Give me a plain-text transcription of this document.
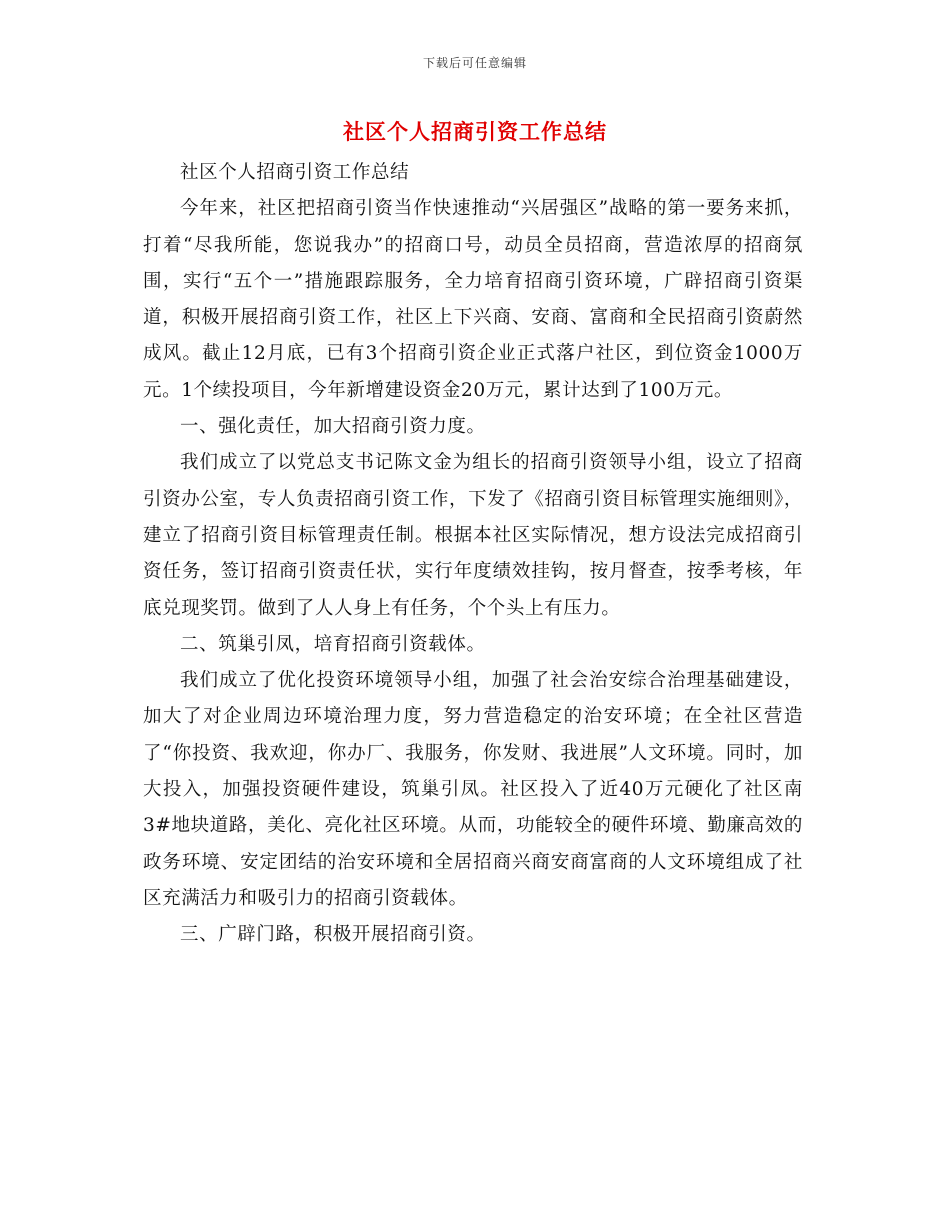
下载后可任意编辑
社区个人招商引资工作总结

社区个人招商引资工作总结

今年来，社区把招商引资当作快速推动“兴居强区”战略的第一要务来抓，打着“尽我所能，您说我办”的招商口号，动员全员招商，营造浓厚的招商氛围，实行“五个一”措施跟踪服务，全力培育招商引资环境，广辟招商引资渠道，积极开展招商引资工作，社区上下兴商、安商、富商和全民招商引资蔚然成风。截止12月底，已有3个招商引资企业正式落户社区，到位资金1000万元。1个续投项目，今年新增建设资金20万元，累计达到了100万元。

一、强化责任，加大招商引资力度。

我们成立了以党总支书记陈文金为组长的招商引资领导小组，设立了招商引资办公室，专人负责招商引资工作，下发了《招商引资目标管理实施细则》，建立了招商引资目标管理责任制。根据本社区实际情况，想方设法完成招商引资任务，签订招商引资责任状，实行年度绩效挂钩，按月督查，按季考核，年底兑现奖罚。做到了人人身上有任务，个个头上有压力。

二、筑巢引凤，培育招商引资载体。

我们成立了优化投资环境领导小组，加强了社会治安综合治理基础建设，加大了对企业周边环境治理力度，努力营造稳定的治安环境；在全社区营造了“你投资、我欢迎，你办厂、我服务，你发财、我进展”人文环境。同时，加大投入，加强投资硬件建设，筑巢引凤。社区投入了近40万元硬化了社区南3#地块道路，美化、亮化社区环境。从而，功能较全的硬件环境、勤廉高效的政务环境、安定团结的治安环境和全居招商兴商安商富商的人文环境组成了社区充满活力和吸引力的招商引资载体。

三、广辟门路，积极开展招商引资。
